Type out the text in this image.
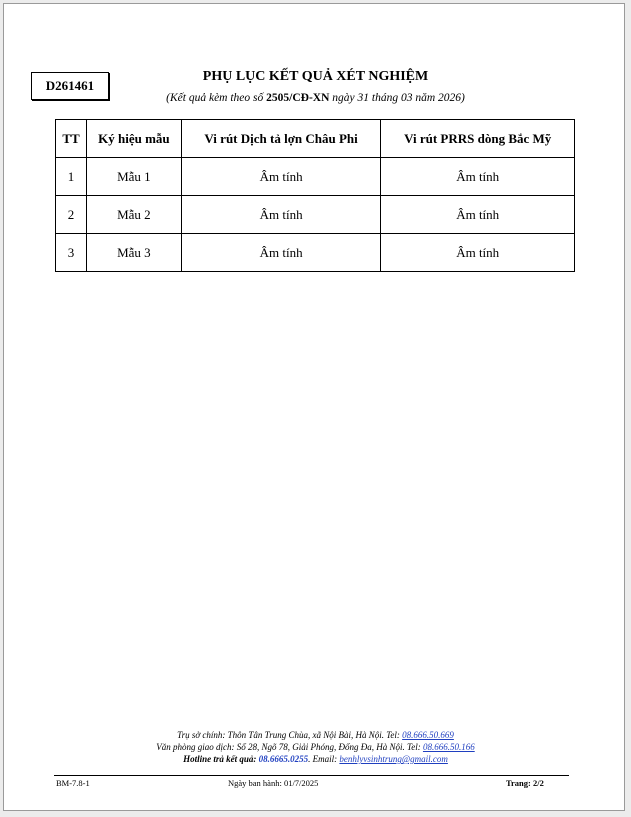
D261461
PHỤ LỤC KẾT QUẢ XÉT NGHIỆM
(Kết quả kèm theo số 2505/CĐ-XN ngày 31 tháng 03 năm 2026)
TT	Ký hiệu mẫu	Vi rút Dịch tả lợn Châu Phi	Vi rút PRRS dòng Bắc Mỹ
1	Mẫu 1	Âm tính	Âm tính
2	Mẫu 2	Âm tính	Âm tính
3	Mẫu 3	Âm tính	Âm tính
Trụ sở chính: Thôn Tân Trung Chùa, xã Nội Bài, Hà Nội. Tel: 08.666.50.669
Văn phòng giao dịch: Số 28, Ngõ 78, Giải Phóng, Đống Đa, Hà Nội. Tel: 08.666.50.166
Hotline trả kết quả: 08.6665.0255. Email: benhlyvsinhtrung@gmail.com
BM-7.8-1	Ngày ban hành: 01/7/2025	Trang: 2/2
